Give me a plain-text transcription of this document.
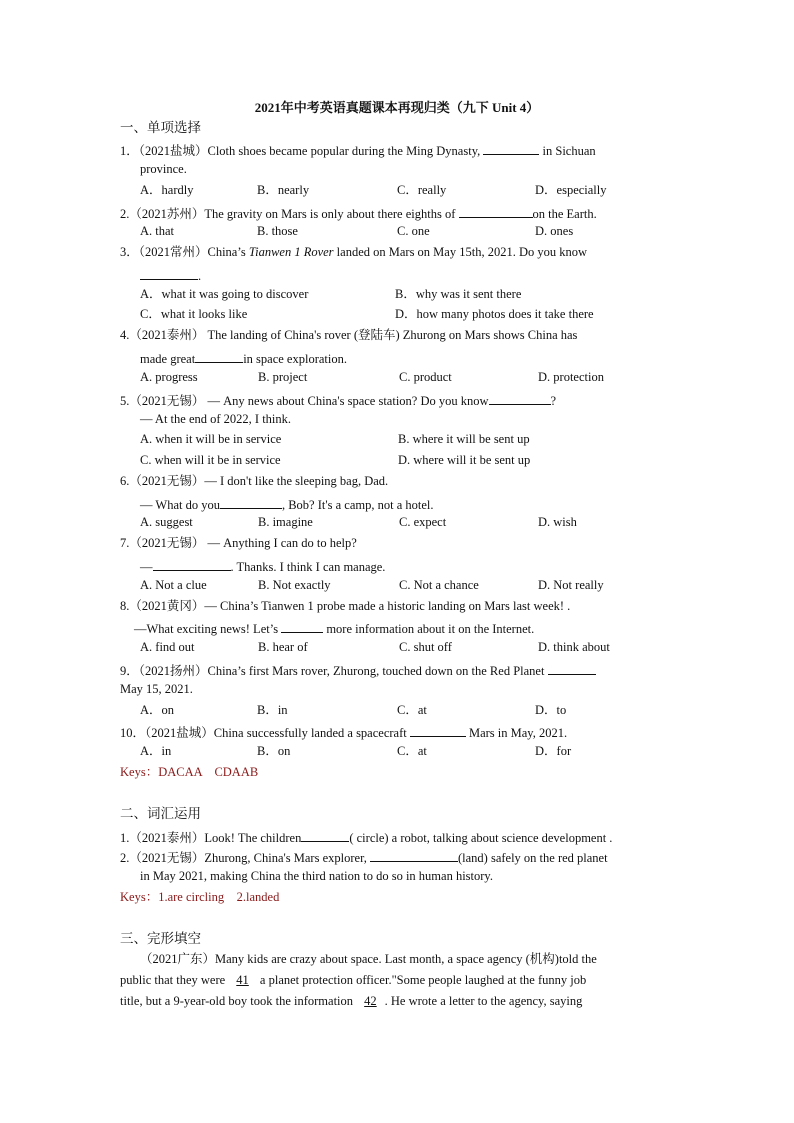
2021年中考英语真题课本再现归类（九下 Unit 4）
一、单项选择
1．（2021盐城）Cloth shoes became popular during the Ming Dynasty,	in Sichuan
province.
A．hardly	B．nearly	C．really	D．especially
2.（2021苏州）The gravity on Mars is only about there eighths of	on the Earth.
A. that	B. those	C. one	D. ones
3．（2021常州）China’s Tianwen 1 Rover landed on Mars on May 15th, 2021. Do you know
.
A．what it was going to discover	B．why was it sent there
C．what it looks like	D．how many photos does it take there
4.（2021泰州） The landing of China's rover (登陆车) Zhurong on Mars shows China has
made great	in space exploration.
A. progress	B. project	C. product	D. protection
5.（2021无锡） — Any news about China's space station? Do you know	?
— At the end of 2022, I think.
A. when it will be in service	B. where it will be sent up
C. when will it be in service	D. where will it be sent up
6.（2021无锡）— I don't like the sleeping bag, Dad.
— What do you	, Bob? It's a camp, not a hotel.
A. suggest	B. imagine	C. expect	D. wish
7.（2021无锡） — Anything I can do to help?
—	. Thanks. I think I can manage.
A. Not a clue	B. Not exactly	C. Not a chance	D. Not really
8.（2021黄冈）— China’s Tianwen 1 probe made a historic landing on Mars last week! .
—What exciting news! Let’s	more information about it on the Internet.
A. find out	B. hear of	C. shut off	D. think about
9．（2021扬州）China’s first Mars rover, Zhurong, touched down on the Red Planet
May 15, 2021.
A．on	B．in	C．at	D．to
10．（2021盐城）China successfully landed a spacecraft	Mars in May, 2021.
A．in	B．on	C．at	D．for
Keys：DACAA    CDAAB
二、词汇运用
1.（2021泰州）Look! The children	( circle) a robot, talking about science development .
2.（2021无锡）Zhurong, China's Mars explorer,	(land) safely on the red planet
in May 2021, making China the third nation to do so in human history.
Keys：1.are circling    2.landed
三、完形填空
（2021广东）Many kids are crazy about space. Last month, a space agency (机构)told the
public that they were 41 a planet protection officer."Some people laughed at the funny job
title, but a 9-year-old boy took the information 42 . He wrote a letter to the agency, saying
